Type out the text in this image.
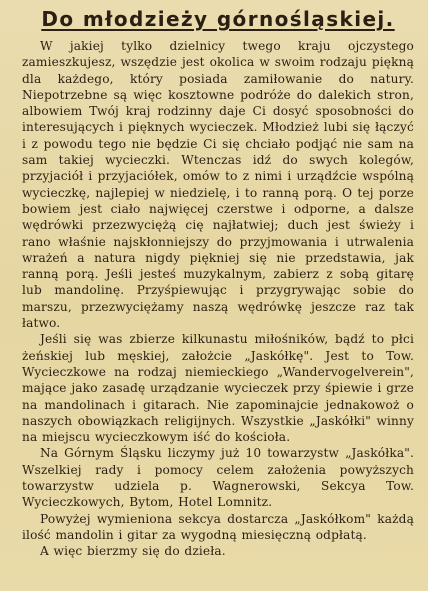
Do młodzieży górnośląskiej.

W jakiej tylko dzielnicy twego kraju ojczystego zamieszkujesz, wszędzie jest okolica w swoim rodzaju piękną dla każdego, który posiada zamiłowanie do natury. Niepotrzebne są więc kosztowne podróże do dalekich stron, albowiem Twój kraj rodzinny daje Ci dosyć sposobności do interesujących i pięknych wycieczek. Młodzież lubi się łączyć i z powodu tego nie będzie Ci się chciało podjąć nie sam na sam takiej wycieczki. Wtenczas idź do swych kolegów, przyjaciół i przyjaciółek, omów to z nimi i urządźcie wspólną wycieczkę, najlepiej w niedzielę, i to ranną porą. O tej porze bowiem jest ciało najwięcej czerstwe i odporne, a dalsze wędrówki przezwyciężą cię najłatwiej; duch jest świeży i rano właśnie najskłonniejszy do przyjmowania i utrwalenia wrażeń a natura nigdy piękniej się nie przedstawia, jak ranną porą. Jeśli jesteś muzykalnym, zabierz z sobą gitarę lub mandolinę. Przyśpiewując i przygrywając sobie do marszu, przezwyciężamy naszą wędrówkę jeszcze raz tak łatwo.

Jeśli się was zbierze kilkunastu miłośników, bądź to płci żeńskiej lub męskiej, założcie „Jaskółkę". Jest to Tow. Wycieczkowe na rodzaj niemieckiego „Wandervogelverein", mające jako zasadę urządzanie wycieczek przy śpiewie i grze na mandolinach i gitarach. Nie zapominajcie jednakowoż o naszych obowiązkach religijnych. Wszystkie „Jaskółki" winny na miejscu wycieczkowym iść do kościoła.

Na Górnym Śląsku liczymy już 10 towarzystw „Jaskółka". Wszelkiej rady i pomocy celem założenia powyższych towarzystw udziela p. Wagnerowski, Sekcya Tow. Wycieczkowych, Bytom, Hotel Lomnitz.

Powyżej wymieniona sekcya dostarcza „Jaskółkom" każdą ilość mandolin i gitar za wygodną miesięczną odpłatą.

A więc bierzmy się do dzieła.
